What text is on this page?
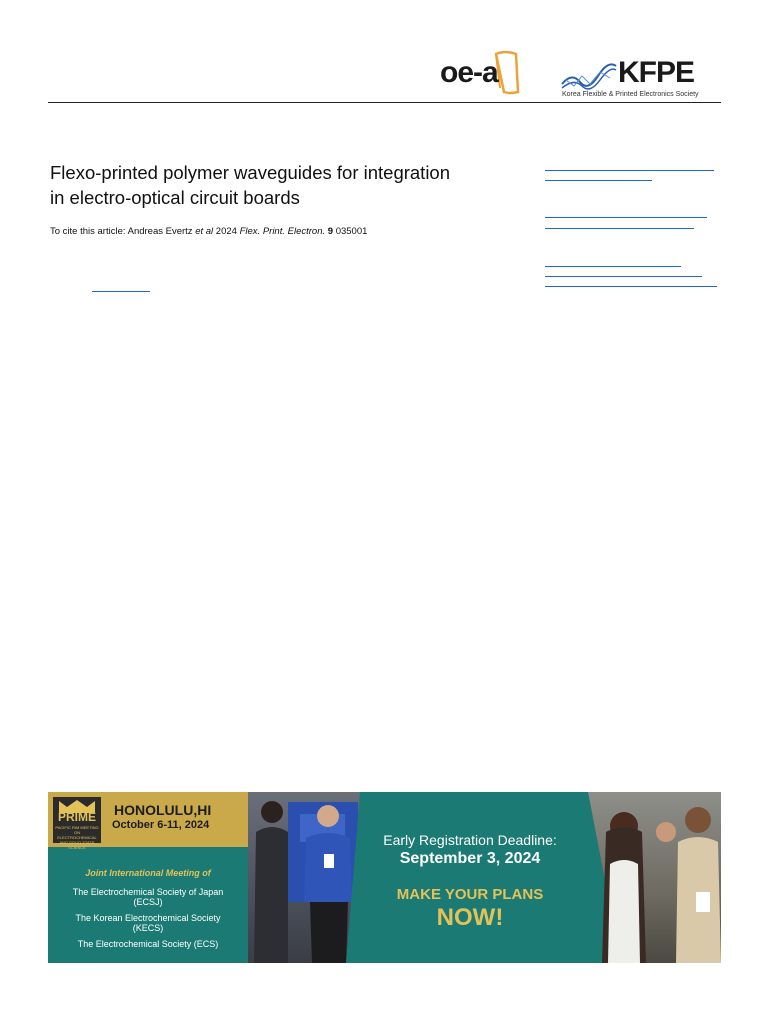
oe-a	KFPE
Korea Flexible & Printed Electronics Society
Flexo-printed polymer waveguides for integration
in electro-optical circuit boards
To cite this article: Andreas Evertz et al 2024 Flex. Print. Electron. 9 035001
PRIME
PACIFIC RIM MEETING ON ELECTROCHEMICAL AND SOLID STATE SCIENCE
HONOLULU,HI
October 6-11, 2024
Joint International Meeting of
The Electrochemical Society of Japan
(ECSJ)
The Korean Electrochemical Society
(KECS)
The Electrochemical Society (ECS)
Early Registration Deadline:
September 3, 2024
MAKE YOUR PLANS
NOW!
